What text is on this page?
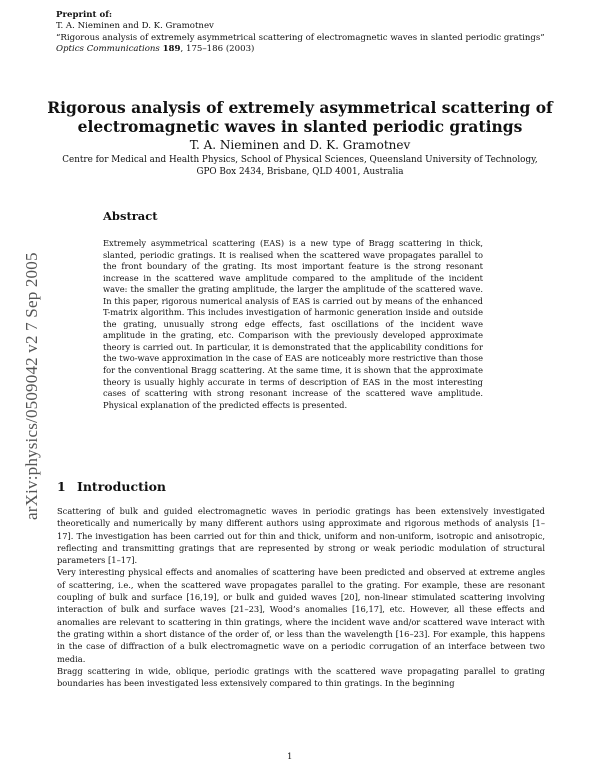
Preprint of:
T. A. Nieminen and D. K. Gramotnev
“Rigorous analysis of extremely asymmetrical scattering of electromagnetic waves in slanted periodic gratings”
Optics Communications 189, 175–186 (2003)
Rigorous analysis of extremely asymmetrical scattering of electromagnetic waves in slanted periodic gratings
T. A. Nieminen and D. K. Gramotnev
Centre for Medical and Health Physics, School of Physical Sciences, Queensland University of Technology, GPO Box 2434, Brisbane, QLD 4001, Australia
Abstract
Extremely asymmetrical scattering (EAS) is a new type of Bragg scattering in thick, slanted, periodic gratings. It is realised when the scattered wave propagates parallel to the front boundary of the grating. Its most important feature is the strong resonant increase in the scattered wave amplitude compared to the amplitude of the incident wave: the smaller the grating amplitude, the larger the amplitude of the scattered wave. In this paper, rigorous numerical analysis of EAS is carried out by means of the enhanced T-matrix algorithm. This includes investigation of harmonic generation inside and outside the grating, unusually strong edge effects, fast oscillations of the incident wave amplitude in the grating, etc. Comparison with the previously developed approximate theory is carried out. In particular, it is demonstrated that the applicability conditions for the two-wave approximation in the case of EAS are noticeably more restrictive than those for the conventional Bragg scattering. At the same time, it is shown that the approximate theory is usually highly accurate in terms of description of EAS in the most interesting cases of scattering with strong resonant increase of the scattered wave amplitude. Physical explanation of the predicted effects is presented.
1 Introduction

Scattering of bulk and guided electromagnetic waves in periodic gratings has been extensively investigated theoretically and numerically by many different authors using approximate and rigorous methods of analysis [1–17]. The investigation has been carried out for thin and thick, uniform and non-uniform, isotropic and anisotropic, reflecting and transmitting gratings that are represented by strong or weak periodic modulation of structural parameters [1–17].

Very interesting physical effects and anomalies of scattering have been predicted and observed at extreme angles of scattering, i.e., when the scattered wave propagates parallel to the grating. For example, these are resonant coupling of bulk and surface [16,19], or bulk and guided waves [20], non-linear stimulated scattering involving interaction of bulk and surface waves [21–23], Wood’s anomalies [16,17], etc. However, all these effects and anomalies are relevant to scattering in thin gratings, where the incident wave and/or scattered wave interact with the grating within a short distance of the order of, or less than the wavelength [16–23]. For example, this happens in the case of diffraction of a bulk electromagnetic wave on a periodic corrugation of an interface between two media.

Bragg scattering in wide, oblique, periodic gratings with the scattered wave propagating parallel to grating boundaries has been investigated less extensively compared to thin gratings. In the beginning

1
arXiv:physics/0509042 v2 7 Sep 2005
